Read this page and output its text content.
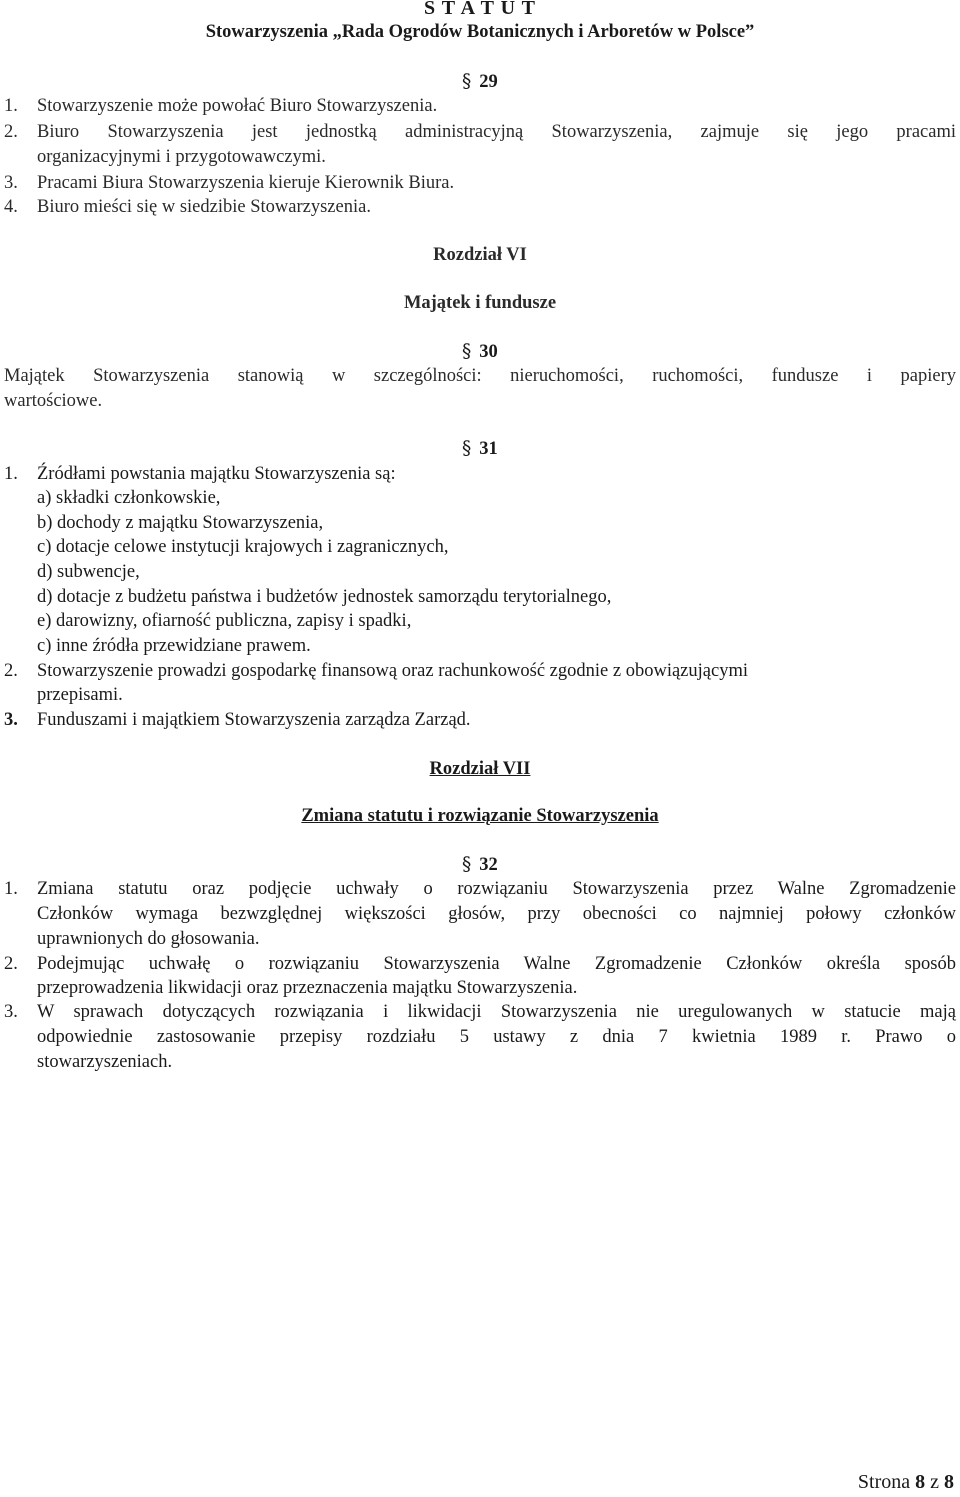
S T A T U T
Stowarzyszenia „Rada Ogrodów Botanicznych i Arboretów w Polsce”
§ 29
1. Stowarzyszenie może powołać Biuro Stowarzyszenia.
2. Biuro Stowarzyszenia jest jednostką administracyjną Stowarzyszenia, zajmuje się jego pracami
organizacyjnymi i przygotowawczymi.
3. Pracami Biura Stowarzyszenia kieruje Kierownik Biura.
4. Biuro mieści się w siedzibie Stowarzyszenia.
Rozdział VI
Majątek i fundusze
§ 30
Majątek Stowarzyszenia stanowią w szczególności: nieruchomości, ruchomości, fundusze i papiery
wartościowe.
§ 31
1. Źródłami powstania majątku Stowarzyszenia są:
a) składki członkowskie,
b) dochody z majątku Stowarzyszenia,
c) dotacje celowe instytucji krajowych i zagranicznych,
d) subwencje,
d) dotacje z budżetu państwa i budżetów jednostek samorządu terytorialnego,
e) darowizny, ofiarność publiczna, zapisy i spadki,
c) inne źródła przewidziane prawem.
2. Stowarzyszenie prowadzi gospodarkę finansową oraz rachunkowość zgodnie z obowiązującymi
przepisami.
3. Funduszami i majątkiem Stowarzyszenia zarządza Zarząd.
Rozdział VII
Zmiana statutu i rozwiązanie Stowarzyszenia
§ 32
1. Zmiana statutu oraz podjęcie uchwały o rozwiązaniu Stowarzyszenia przez Walne Zgromadzenie
Członków wymaga bezwzględnej większości głosów, przy obecności co najmniej połowy członków
uprawnionych do głosowania.
2. Podejmując uchwałę o rozwiązaniu Stowarzyszenia Walne Zgromadzenie Członków określa sposób
przeprowadzenia likwidacji oraz przeznaczenia majątku Stowarzyszenia.
3. W sprawach dotyczących rozwiązania i likwidacji Stowarzyszenia nie uregulowanych w statucie mają
odpowiednie zastosowanie przepisy rozdziału 5 ustawy z dnia 7 kwietnia 1989 r. Prawo o
stowarzyszeniach.
Strona 8 z 8
